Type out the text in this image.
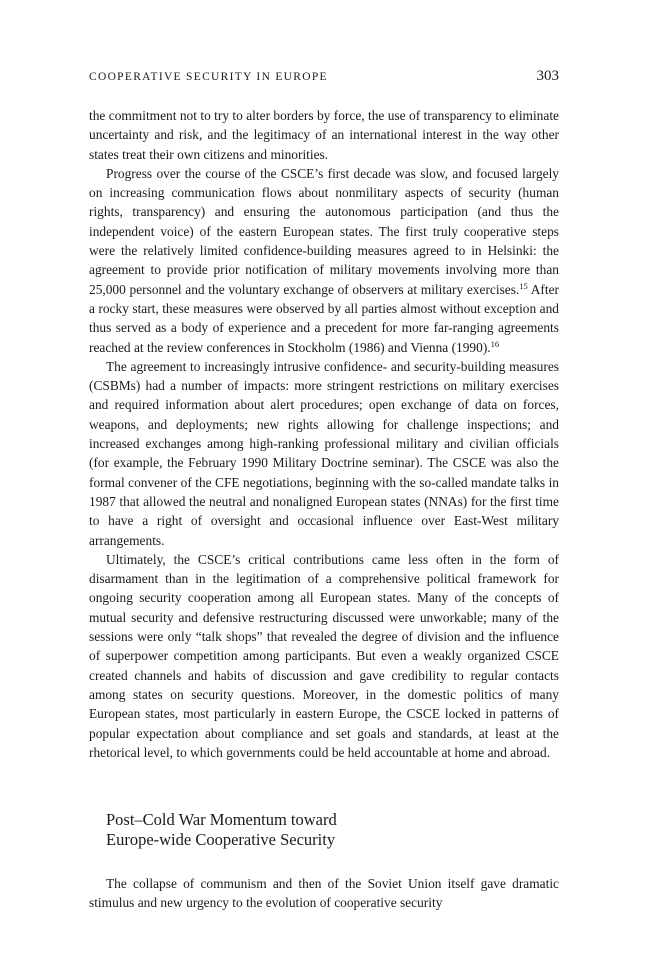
COOPERATIVE SECURITY IN EUROPE	303

the commitment not to try to alter borders by force, the use of transparency to eliminate uncertainty and risk, and the legitimacy of an international interest in the way other states treat their own citizens and minorities.

Progress over the course of the CSCE’s first decade was slow, and focused largely on increasing communication flows about nonmilitary aspects of security (human rights, transparency) and ensuring the autonomous participation (and thus the independent voice) of the eastern European states. The first truly cooperative steps were the relatively limited confidence-building measures agreed to in Helsinki: the agreement to provide prior notification of military movements involving more than 25,000 personnel and the voluntary exchange of observers at military exercises.$^{15}$ After a rocky start, these measures were observed by all parties almost without exception and thus served as a body of experience and a precedent for more far-ranging agreements reached at the review conferences in Stockholm (1986) and Vienna (1990).$^{16}$

The agreement to increasingly intrusive confidence- and security-building measures (CSBMs) had a number of impacts: more stringent restrictions on military exercises and required information about alert procedures; open exchange of data on forces, weapons, and deployments; new rights allowing for challenge inspections; and increased exchanges among high-ranking professional military and civilian officials (for example, the February 1990 Military Doctrine seminar). The CSCE was also the formal convener of the CFE negotiations, beginning with the so-called mandate talks in 1987 that allowed the neutral and nonaligned European states (NNAs) for the first time to have a right of oversight and occasional influence over East-West military arrangements.

Ultimately, the CSCE’s critical contributions came less often in the form of disarmament than in the legitimation of a comprehensive political framework for ongoing security cooperation among all European states. Many of the concepts of mutual security and defensive restructuring discussed were unworkable; many of the sessions were only “talk shops” that revealed the degree of division and the influence of superpower competition among participants. But even a weakly organized CSCE created channels and habits of discussion and gave credibility to regular contacts among states on security questions. Moreover, in the domestic politics of many European states, most particularly in eastern Europe, the CSCE locked in patterns of popular expectation about compliance and set goals and standards, at least at the rhetorical level, to which governments could be held accountable at home and abroad.

Post–Cold War Momentum toward
Europe-wide Cooperative Security

The collapse of communism and then of the Soviet Union itself gave dramatic stimulus and new urgency to the evolution of cooperative security
